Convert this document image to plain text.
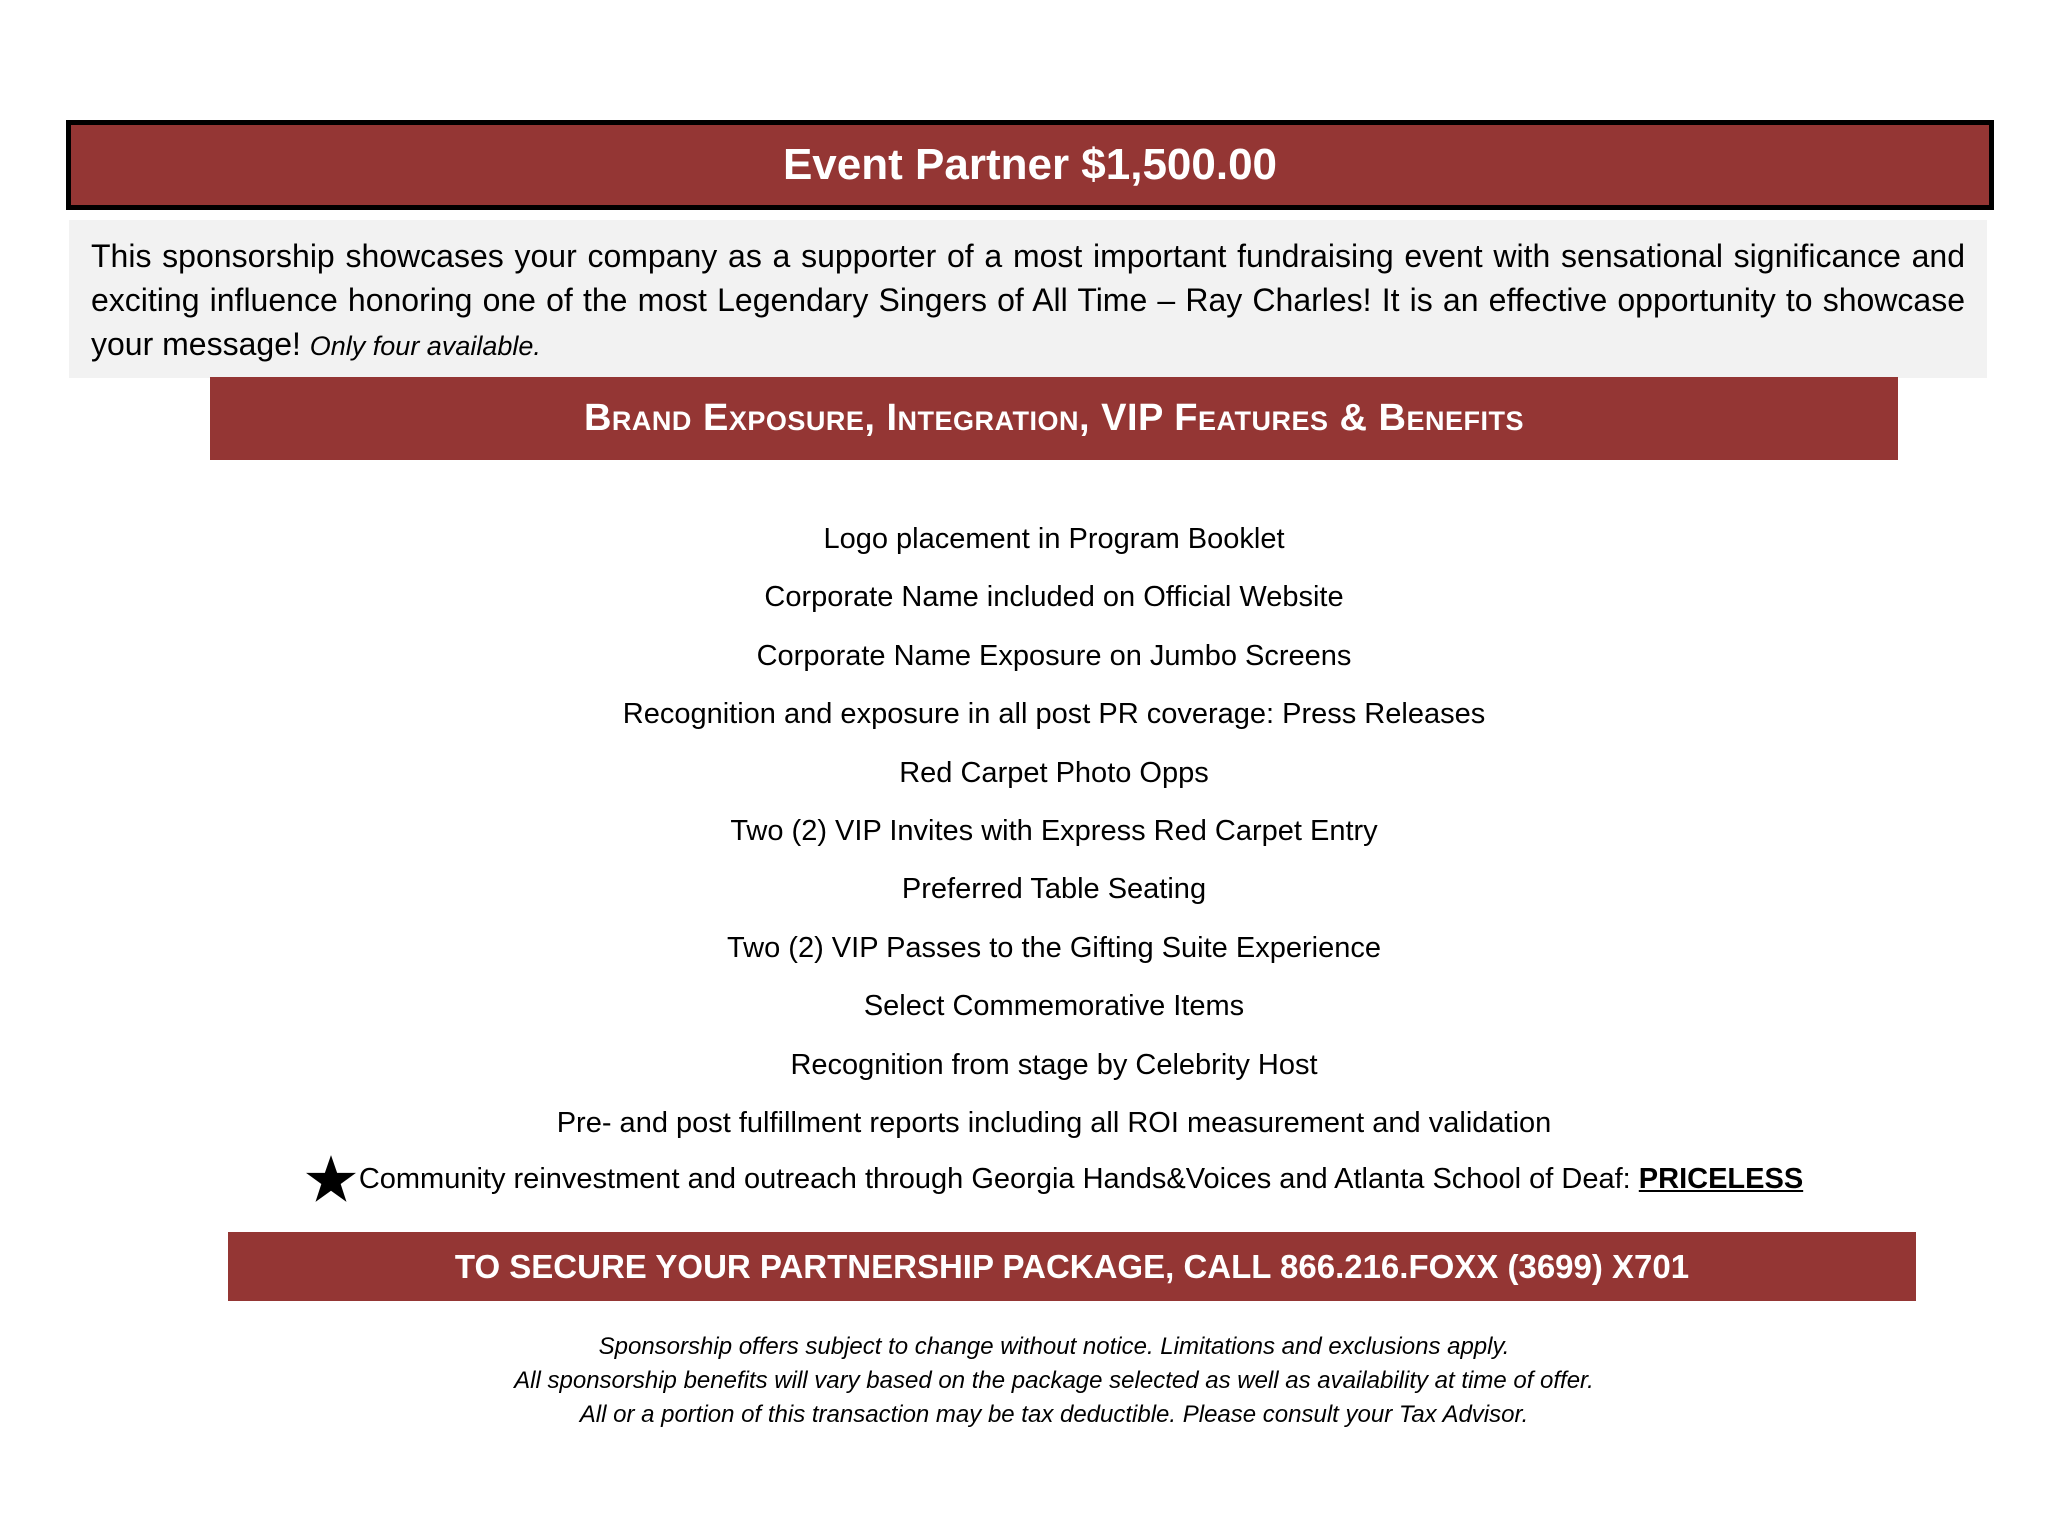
Event Partner $1,500.00
This sponsorship showcases your company as a supporter of a most important fundraising event with sensational significance and exciting influence honoring one of the most Legendary Singers of All Time – Ray Charles! It is an effective opportunity to showcase your message! Only four available.
Brand Exposure, Integration, VIP Features & Benefits
Logo placement in Program Booklet
Corporate Name included on Official Website
Corporate Name Exposure on Jumbo Screens
Recognition and exposure in all post PR coverage: Press Releases
Red Carpet Photo Opps
Two (2) VIP Invites with Express Red Carpet Entry
Preferred Table Seating
Two (2) VIP Passes to the Gifting Suite Experience
Select Commemorative Items
Recognition from stage by Celebrity Host
Pre- and post fulfillment reports including all ROI measurement and validation
Community reinvestment and outreach through Georgia Hands&Voices and Atlanta School of Deaf: PRICELESS
TO SECURE YOUR PARTNERSHIP PACKAGE, CALL 866.216.FOXX (3699) X701
Sponsorship offers subject to change without notice. Limitations and exclusions apply.
All sponsorship benefits will vary based on the package selected as well as availability at time of offer.
All or a portion of this transaction may be tax deductible. Please consult your Tax Advisor.
